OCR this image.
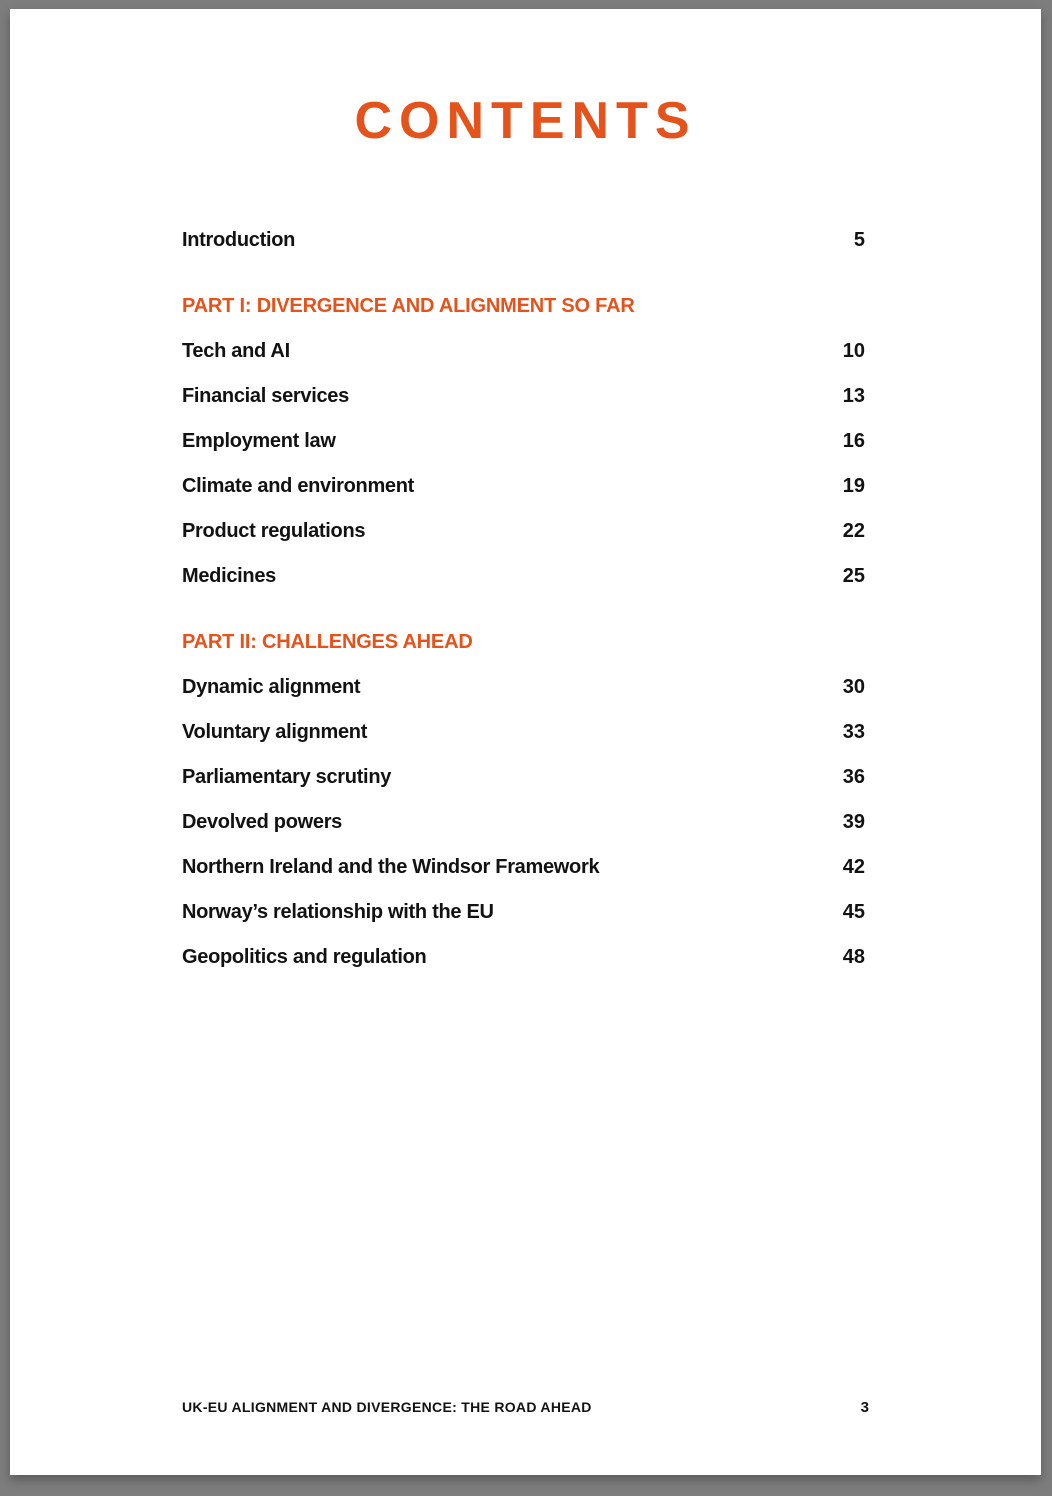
CONTENTS
Introduction	5
PART I: DIVERGENCE AND ALIGNMENT SO FAR
Tech and AI	10
Financial services	13
Employment law	16
Climate and environment	19
Product regulations	22
Medicines	25
PART II: CHALLENGES AHEAD
Dynamic alignment	30
Voluntary alignment	33
Parliamentary scrutiny	36
Devolved powers	39
Northern Ireland and the Windsor Framework	42
Norway’s relationship with the EU	45
Geopolitics and regulation	48
UK-EU ALIGNMENT AND DIVERGENCE: THE ROAD AHEAD	3
